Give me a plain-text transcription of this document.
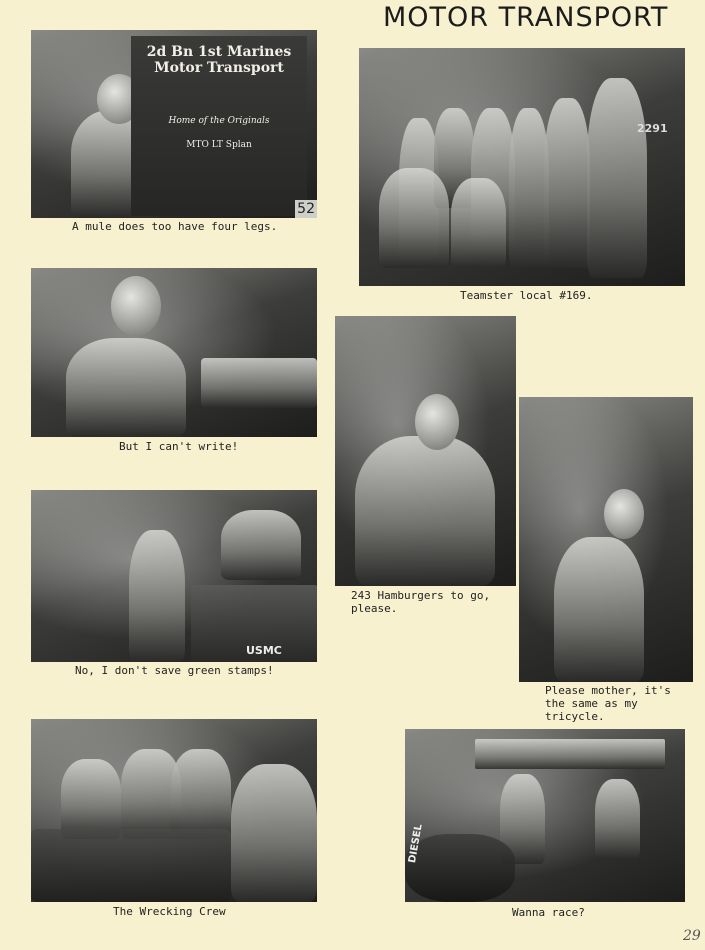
MOTOR TRANSPORT
2d Bn 1st Marines
Motor Transport
Home of the Originals
MTO LT Splan
52
A mule does too have four legs.
2291
Teamster local #169.
But I can't write!
243 Hamburgers to go,
please.
Please mother, it's
the same as my
tricycle.
USMC
No, I don't save green stamps!
The Wrecking Crew
DIESEL
Wanna race?
29
